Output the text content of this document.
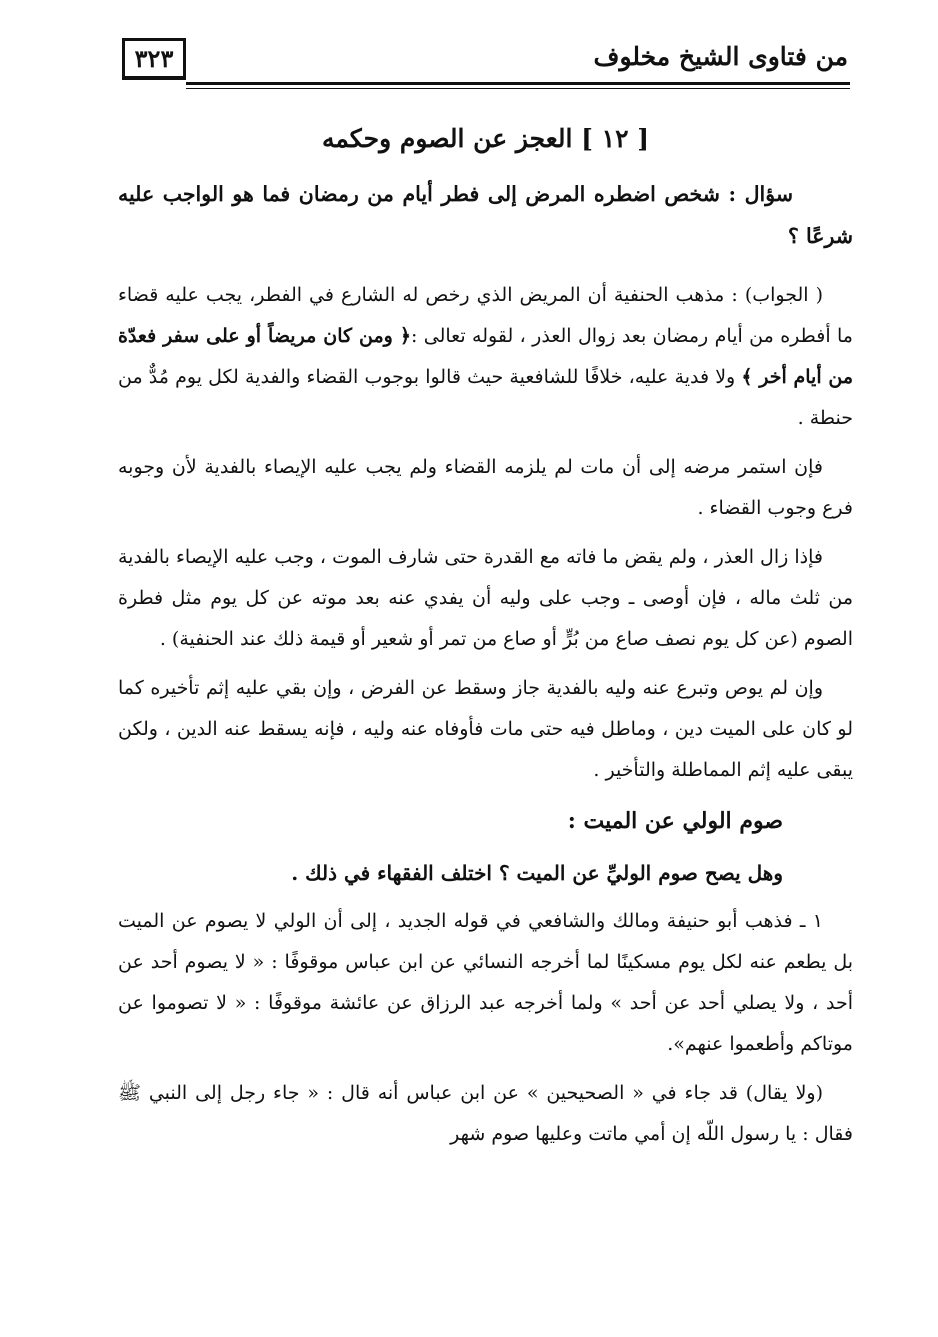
من فتاوى الشيخ مخلوف
٣٢٣
[ ١٢ ] العجز عن الصوم وحكمه

سؤال : شخص اضطره المرض إلى فطر أيام من رمضان فما هو الواجب عليه شرعًا ؟

( الجواب) : مذهب الحنفية أن المريض الذي رخص له الشارع في الفطر، يجب عليه قضاء ما أفطره من أيام رمضان بعد زوال العذر ، لقوله تعالى :﴿ ومن كان مريضاً أو على سفر فعدّة من أيام أخر ﴾ ولا فدية عليه، خلافًا للشافعية حيث قالوا بوجوب القضاء والفدية لكل يوم مُدٌّ من حنطة .

فإن استمر مرضه إلى أن مات لم يلزمه القضاء ولم يجب عليه الإيصاء بالفدية لأن وجوبه فرع وجوب القضاء .

فإذا زال العذر ، ولم يقض ما فاته مع القدرة حتى شارف الموت ، وجب عليه الإيصاء بالفدية من ثلث ماله ، فإن أوصى ـ وجب على وليه أن يفدي عنه بعد موته عن كل يوم مثل فطرة الصوم (عن كل يوم نصف صاع من بُرٍّ أو صاع من تمر أو شعير أو قيمة ذلك عند الحنفية) .

وإن لم يوص وتبرع عنه وليه بالفدية جاز وسقط عن الفرض ، وإن بقي عليه إثم تأخيره كما لو كان على الميت دين ، وماطل فيه حتى مات فأوفاه عنه وليه ، فإنه يسقط عنه الدين ، ولكن يبقى عليه إثم المماطلة والتأخير .

صوم الولي عن الميت :
وهل يصح صوم الوليِّ عن الميت ؟ اختلف الفقهاء في ذلك .

١ ـ فذهب أبو حنيفة ومالك والشافعي في قوله الجديد ، إلى أن الولي لا يصوم عن الميت بل يطعم عنه لكل يوم مسكينًا لما أخرجه النسائي عن ابن عباس موقوفًا : « لا يصوم أحد عن أحد ، ولا يصلي أحد عن أحد » ولما أخرجه عبد الرزاق عن عائشة موقوفًا : « لا تصوموا عن موتاكم وأطعموا عنهم».

(ولا يقال) قد جاء في « الصحيحين » عن ابن عباس أنه قال : « جاء رجل إلى النبي ﷺ فقال : يا رسول اللّه إن أمي ماتت وعليها صوم شهر
